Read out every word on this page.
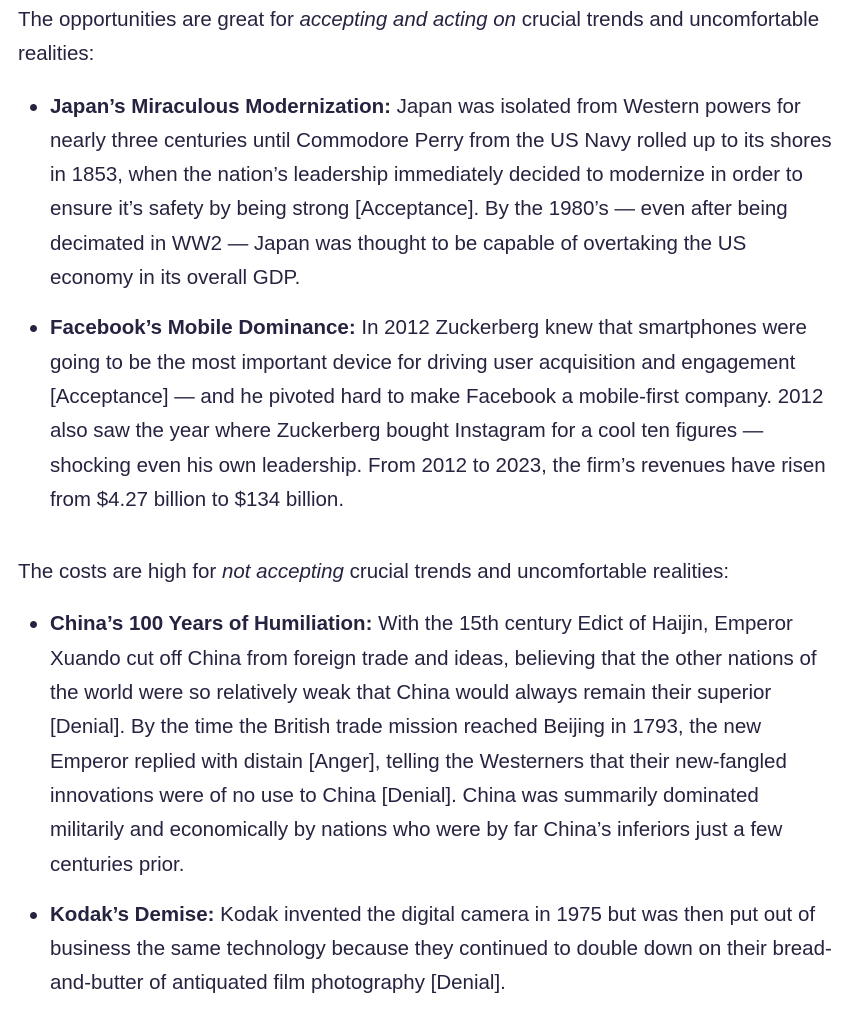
The opportunities are great for accepting and acting on crucial trends and uncomfortable realities:

Japan’s Miraculous Modernization: Japan was isolated from Western powers for nearly three centuries until Commodore Perry from the US Navy rolled up to its shores in 1853, when the nation’s leadership immediately decided to modernize in order to ensure it’s safety by being strong [Acceptance]. By the 1980’s — even after being decimated in WW2 — Japan was thought to be capable of overtaking the US economy in its overall GDP.
Facebook’s Mobile Dominance: In 2012 Zuckerberg knew that smartphones were going to be the most important device for driving user acquisition and engagement [Acceptance] — and he pivoted hard to make Facebook a mobile-first company. 2012 also saw the year where Zuckerberg bought Instagram for a cool ten figures — shocking even his own leadership. From 2012 to 2023, the firm’s revenues have risen from $4.27 billion to $134 billion.

The costs are high for not accepting crucial trends and uncomfortable realities:

China’s 100 Years of Humiliation: With the 15th century Edict of Haijin, Emperor Xuando cut off China from foreign trade and ideas, believing that the other nations of the world were so relatively weak that China would always remain their superior [Denial]. By the time the British trade mission reached Beijing in 1793, the new Emperor replied with distain [Anger], telling the Westerners that their new-fangled innovations were of no use to China [Denial]. China was summarily dominated militarily and economically by nations who were by far China’s inferiors just a few centuries prior.
Kodak’s Demise: Kodak invented the digital camera in 1975 but was then put out of business the same technology because they continued to double down on their bread-and-butter of antiquated film photography [Denial].
